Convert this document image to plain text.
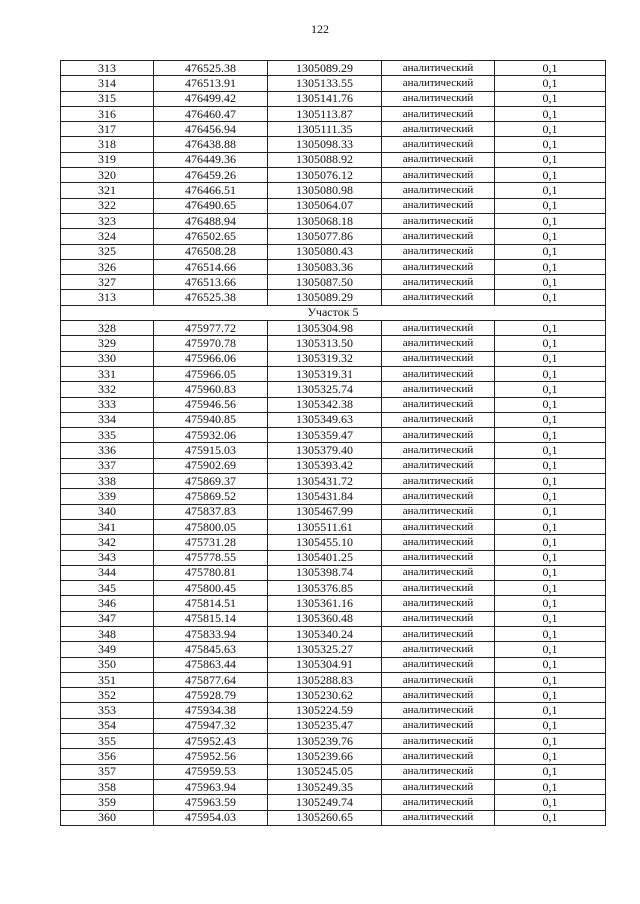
122
313	476525.38	1305089.29	аналитический	0,1
314	476513.91	1305133.55	аналитический	0,1
315	476499.42	1305141.76	аналитический	0,1
316	476460.47	1305113.87	аналитический	0,1
317	476456.94	1305111.35	аналитический	0,1
318	476438.88	1305098.33	аналитический	0,1
319	476449.36	1305088.92	аналитический	0,1
320	476459.26	1305076.12	аналитический	0,1
321	476466.51	1305080.98	аналитический	0,1
322	476490.65	1305064.07	аналитический	0,1
323	476488.94	1305068.18	аналитический	0,1
324	476502.65	1305077.86	аналитический	0,1
325	476508.28	1305080.43	аналитический	0,1
326	476514.66	1305083.36	аналитический	0,1
327	476513.66	1305087.50	аналитический	0,1
313	476525.38	1305089.29	аналитический	0,1
Участок 5				
328	475977.72	1305304.98	аналитический	0,1
329	475970.78	1305313.50	аналитический	0,1
330	475966.06	1305319.32	аналитический	0,1
331	475966.05	1305319.31	аналитический	0,1
332	475960.83	1305325.74	аналитический	0,1
333	475946.56	1305342.38	аналитический	0,1
334	475940.85	1305349.63	аналитический	0,1
335	475932.06	1305359.47	аналитический	0,1
336	475915.03	1305379.40	аналитический	0,1
337	475902.69	1305393.42	аналитический	0,1
338	475869.37	1305431.72	аналитический	0,1
339	475869.52	1305431.84	аналитический	0,1
340	475837.83	1305467.99	аналитический	0,1
341	475800.05	1305511.61	аналитический	0,1
342	475731.28	1305455.10	аналитический	0,1
343	475778.55	1305401.25	аналитический	0,1
344	475780.81	1305398.74	аналитический	0,1
345	475800.45	1305376.85	аналитический	0,1
346	475814.51	1305361.16	аналитический	0,1
347	475815.14	1305360.48	аналитический	0,1
348	475833.94	1305340.24	аналитический	0,1
349	475845.63	1305325.27	аналитический	0,1
350	475863.44	1305304.91	аналитический	0,1
351	475877.64	1305288.83	аналитический	0,1
352	475928.79	1305230.62	аналитический	0,1
353	475934.38	1305224.59	аналитический	0,1
354	475947.32	1305235.47	аналитический	0,1
355	475952.43	1305239.76	аналитический	0,1
356	475952.56	1305239.66	аналитический	0,1
357	475959.53	1305245.05	аналитический	0,1
358	475963.94	1305249.35	аналитический	0,1
359	475963.59	1305249.74	аналитический	0,1
360	475954.03	1305260.65	аналитический	0,1
